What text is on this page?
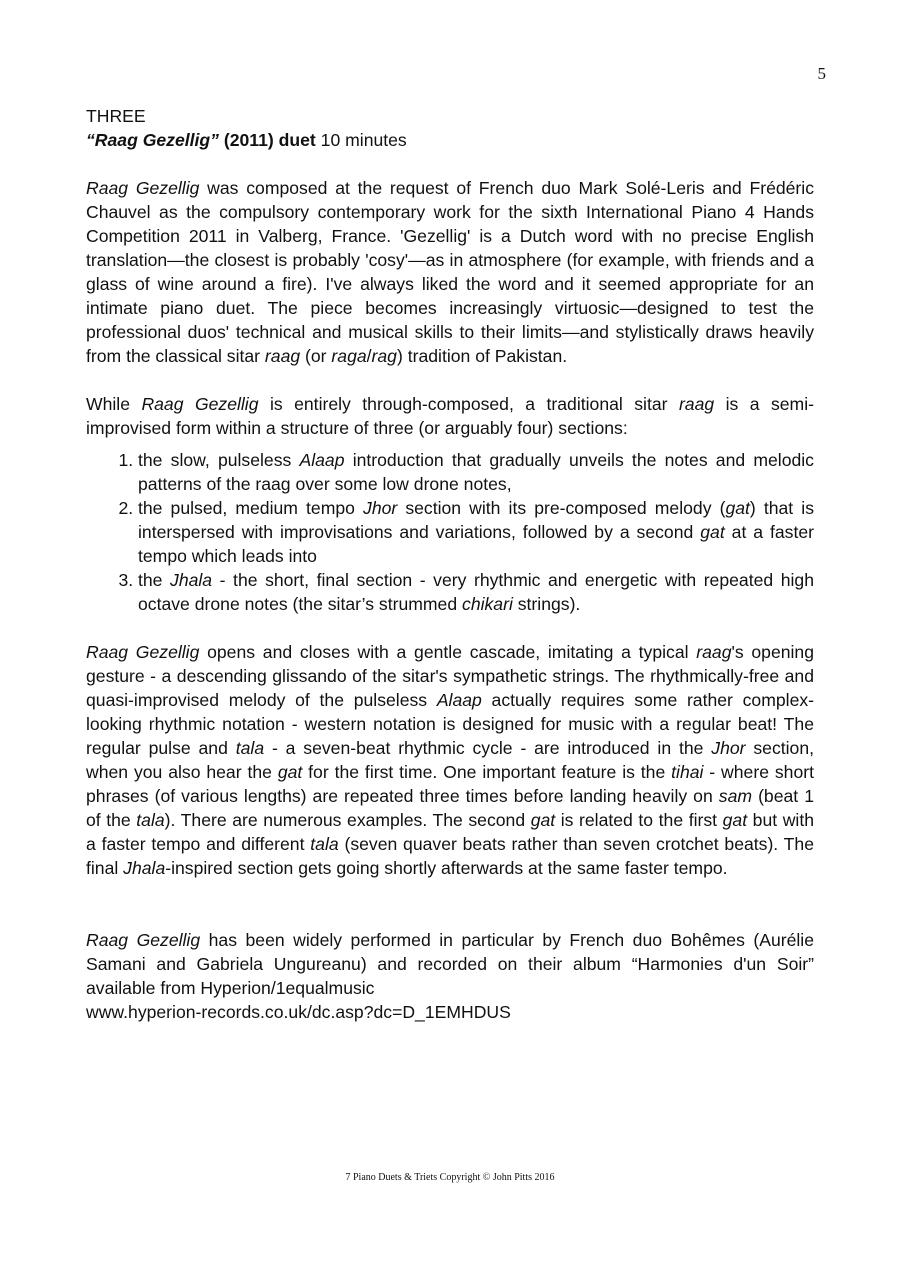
5

THREE

“Raag Gezellig” (2011) duet 10 minutes

Raag Gezellig was composed at the request of French duo Mark Solé-Leris and Frédéric Chauvel as the compulsory contemporary work for the sixth International Piano 4 Hands Competition 2011 in Valberg, France. 'Gezellig' is a Dutch word with no precise English translation—the closest is probably 'cosy'—as in atmosphere (for example, with friends and a glass of wine around a fire). I've always liked the word and it seemed appropriate for an intimate piano duet. The piece becomes increasingly virtuosic—designed to test the professional duos' technical and musical skills to their limits—and stylistically draws heavily from the classical sitar raag (or raga/rag) tradition of Pakistan.

While Raag Gezellig is entirely through-composed, a traditional sitar raag is a semi-improvised form within a structure of three (or arguably four) sections:

1. the slow, pulseless Alaap introduction that gradually unveils the notes and melodic patterns of the raag over some low drone notes,
2. the pulsed, medium tempo Jhor section with its pre-composed melody (gat) that is interspersed with improvisations and variations, followed by a second gat at a faster tempo which leads into
3. the Jhala - the short, final section - very rhythmic and energetic with repeated high octave drone notes (the sitar’s strummed chikari strings).

Raag Gezellig opens and closes with a gentle cascade, imitating a typical raag's opening gesture - a descending glissando of the sitar's sympathetic strings. The rhythmically-free and quasi-improvised melody of the pulseless Alaap actually requires some rather complex-looking rhythmic notation - western notation is designed for music with a regular beat! The regular pulse and tala - a seven-beat rhythmic cycle - are introduced in the Jhor section, when you also hear the gat for the first time. One important feature is the tihai - where short phrases (of various lengths) are repeated three times before landing heavily on sam (beat 1 of the tala). There are numerous examples. The second gat is related to the first gat but with a faster tempo and different tala (seven quaver beats rather than seven crotchet beats). The final Jhala-inspired section gets going shortly afterwards at the same faster tempo.

Raag Gezellig has been widely performed in particular by French duo Bohêmes (Aurélie Samani and Gabriela Ungureanu) and recorded on their album “Harmonies d'un Soir” available from Hyperion/1equalmusic
www.hyperion-records.co.uk/dc.asp?dc=D_1EMHDUS

7 Piano Duets & Triets Copyright © John Pitts 2016
